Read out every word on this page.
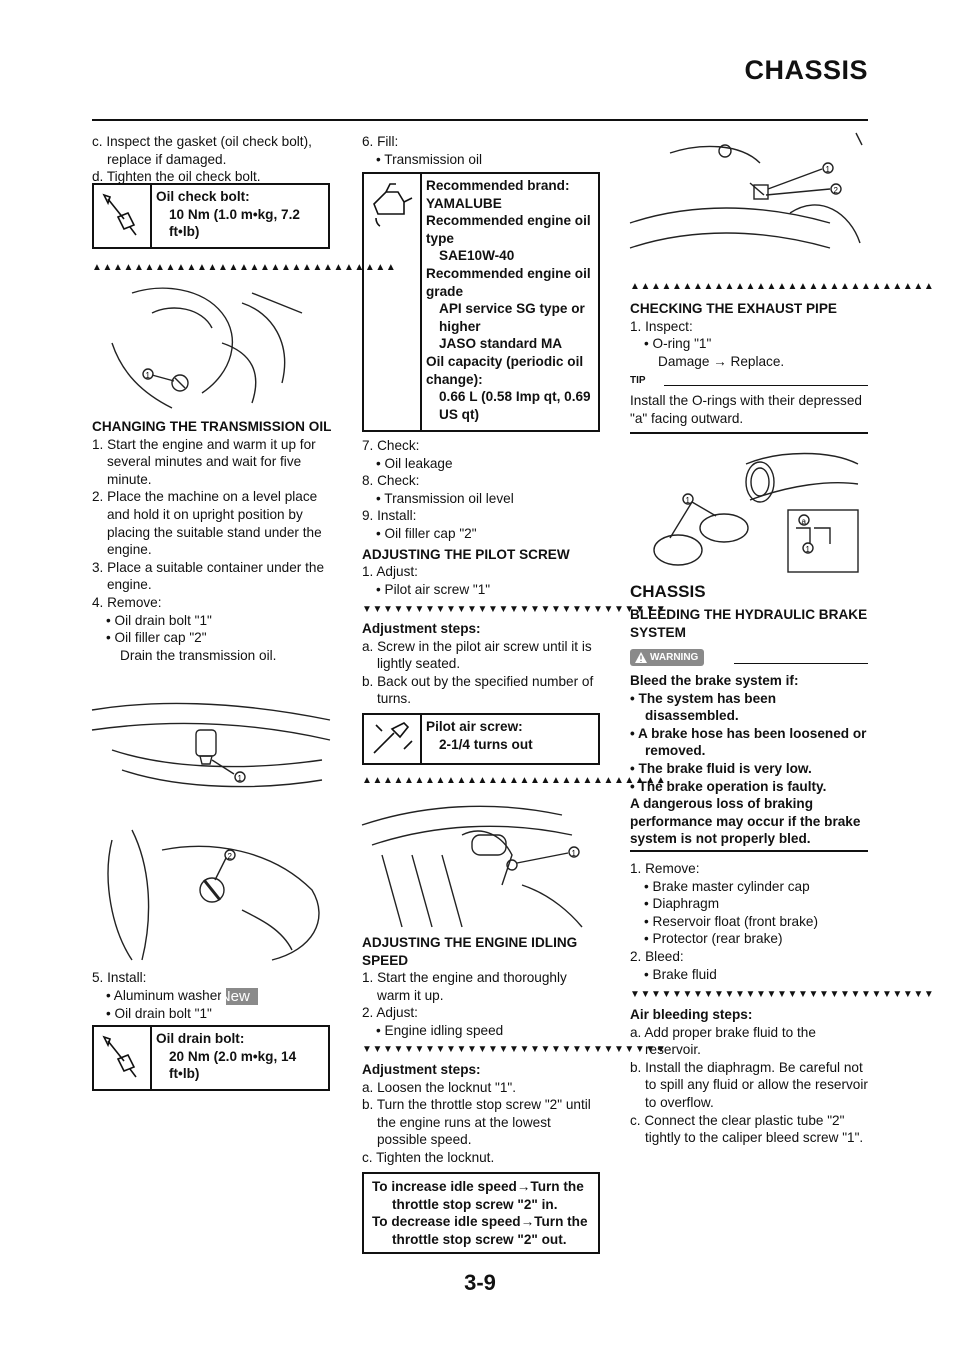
CHASSIS

c. Inspect the gasket (oil check bolt), replace if damaged.

d. Tighten the oil check bolt.

Oil check bolt:
10 Nm (1.0 m•kg, 7.2 ft•lb)
▲▲▲▲▲▲▲▲▲▲▲▲▲▲▲▲▲▲▲▲▲▲▲▲▲▲▲▲▲
1

CHANGING THE TRANSMISSION OIL

1. Start the engine and warm it up for several minutes and wait for five minute.

2. Place the machine on a level place and hold it on upright position by placing the suitable stand under the engine.

3. Place a suitable container under the engine.

4. Remove:

• Oil drain bolt "1"

• Oil filler cap "2"

Drain the transmission oil.

1
2

5. Install:

• Aluminum washerNew

• Oil drain bolt "1"

Oil drain bolt:
20 Nm (2.0 m•kg, 14 ft•lb)

6. Fill:

• Transmission oil

Recommended brand:
YAMALUBE
Recommended engine oil type
SAE10W-40
Recommended engine oil grade
API service SG type or higher
JASO standard MA
Oil capacity (periodic oil change):
0.66 L (0.58 Imp qt, 0.69 US qt)

7. Check:

• Oil leakage

8. Check:

• Transmission oil level

9. Install:

• Oil filler cap "2"

ADJUSTING THE PILOT SCREW

1. Adjust:

• Pilot air screw "1"

▼▼▼▼▼▼▼▼▼▼▼▼▼▼▼▼▼▼▼▼▼▼▼▼▼▼▼▼▼

Adjustment steps:

a. Screw in the pilot air screw until it is lightly seated.

b. Back out by the specified number of turns.

Pilot air screw:
2-1/4 turns out
▲▲▲▲▲▲▲▲▲▲▲▲▲▲▲▲▲▲▲▲▲▲▲▲▲▲▲▲▲
1

ADJUSTING THE ENGINE IDLING SPEED

1. Start the engine and thoroughly warm it up.

2. Adjust:

• Engine idling speed

▼▼▼▼▼▼▼▼▼▼▼▼▼▼▼▼▼▼▼▼▼▼▼▼▼▼▼▼▼

Adjustment steps:

a. Loosen the locknut "1".

b. Turn the throttle stop screw "2" until the engine runs at the lowest possible speed.

c. Tighten the locknut.

To increase idle speed→Turn the throttle stop screw "2" in.
To decrease idle speed→Turn the throttle stop screw "2" out.
1
2
▲▲▲▲▲▲▲▲▲▲▲▲▲▲▲▲▲▲▲▲▲▲▲▲▲▲▲▲▲

CHECKING THE EXHAUST PIPE

1. Inspect:

• O-ring "1"

Damage → Replace.

TIP
Install the O-rings with their depressed "a" facing outward.
1
a
1
CHASSIS
BLEEDING THE HYDRAULIC BRAKE SYSTEM
WARNING

Bleed the brake system if:

• The system has been disassembled.

• A brake hose has been loosened or removed.

• The brake fluid is very low.

• The brake operation is faulty.

A dangerous loss of braking performance may occur if the brake system is not properly bled.

1. Remove:

• Brake master cylinder cap

• Diaphragm

• Reservoir float (front brake)

• Protector (rear brake)

2. Bleed:

• Brake fluid

▼▼▼▼▼▼▼▼▼▼▼▼▼▼▼▼▼▼▼▼▼▼▼▼▼▼▼▼▼

Air bleeding steps:

a. Add proper brake fluid to the reservoir.

b. Install the diaphragm. Be careful not to spill any fluid or allow the reservoir to overflow.

c. Connect the clear plastic tube "2" tightly to the caliper bleed screw "1".

3-9
